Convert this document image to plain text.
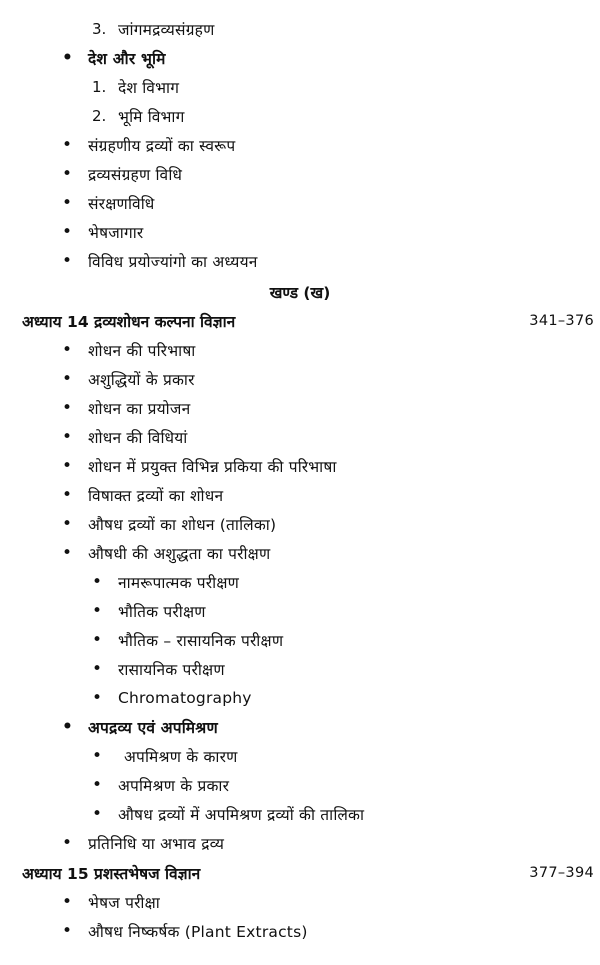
3. जांगमद्रव्यसंग्रहण
• देश और भूमि
1. देश विभाग
2. भूमि विभाग
•	संग्रहणीय द्रव्यों का स्वरूप
•	द्रव्यसंग्रहण विधि
•	संरक्षणविधि
•	भेषजागार
•	विविध प्रयोज्यांगो का अध्ययन
खण्ड (ख)
अध्याय 14 द्रव्यशोधन कल्पना विज्ञान	341–376
•	शोधन की परिभाषा
•	अशुद्धियों के प्रकार
•	शोधन का प्रयोजन
•	शोधन की विधियां
•	शोधन में प्रयुक्त विभिन्न प्रकिया की परिभाषा
•	विषाक्त द्रव्यों का शोधन
•	औषध द्रव्यों का शोधन (तालिका)
•	औषधी की अशुद्धता का परीक्षण
•	नामरूपात्मक परीक्षण
•	भौतिक परीक्षण
•	भौतिक – रासायनिक परीक्षण
•	रासायनिक परीक्षण
•	Chromatography
• अपद्रव्य एवं अपमिश्रण
•	अपमिश्रण के कारण
•	अपमिश्रण के प्रकार
•	औषध द्रव्यों में अपमिश्रण द्रव्यों की तालिका
•	प्रतिनिधि या अभाव द्रव्य
अध्याय 15 प्रशस्तभेषज विज्ञान	377–394
•	भेषज परीक्षा
•	औषध निष्कर्षक (Plant Extracts)
